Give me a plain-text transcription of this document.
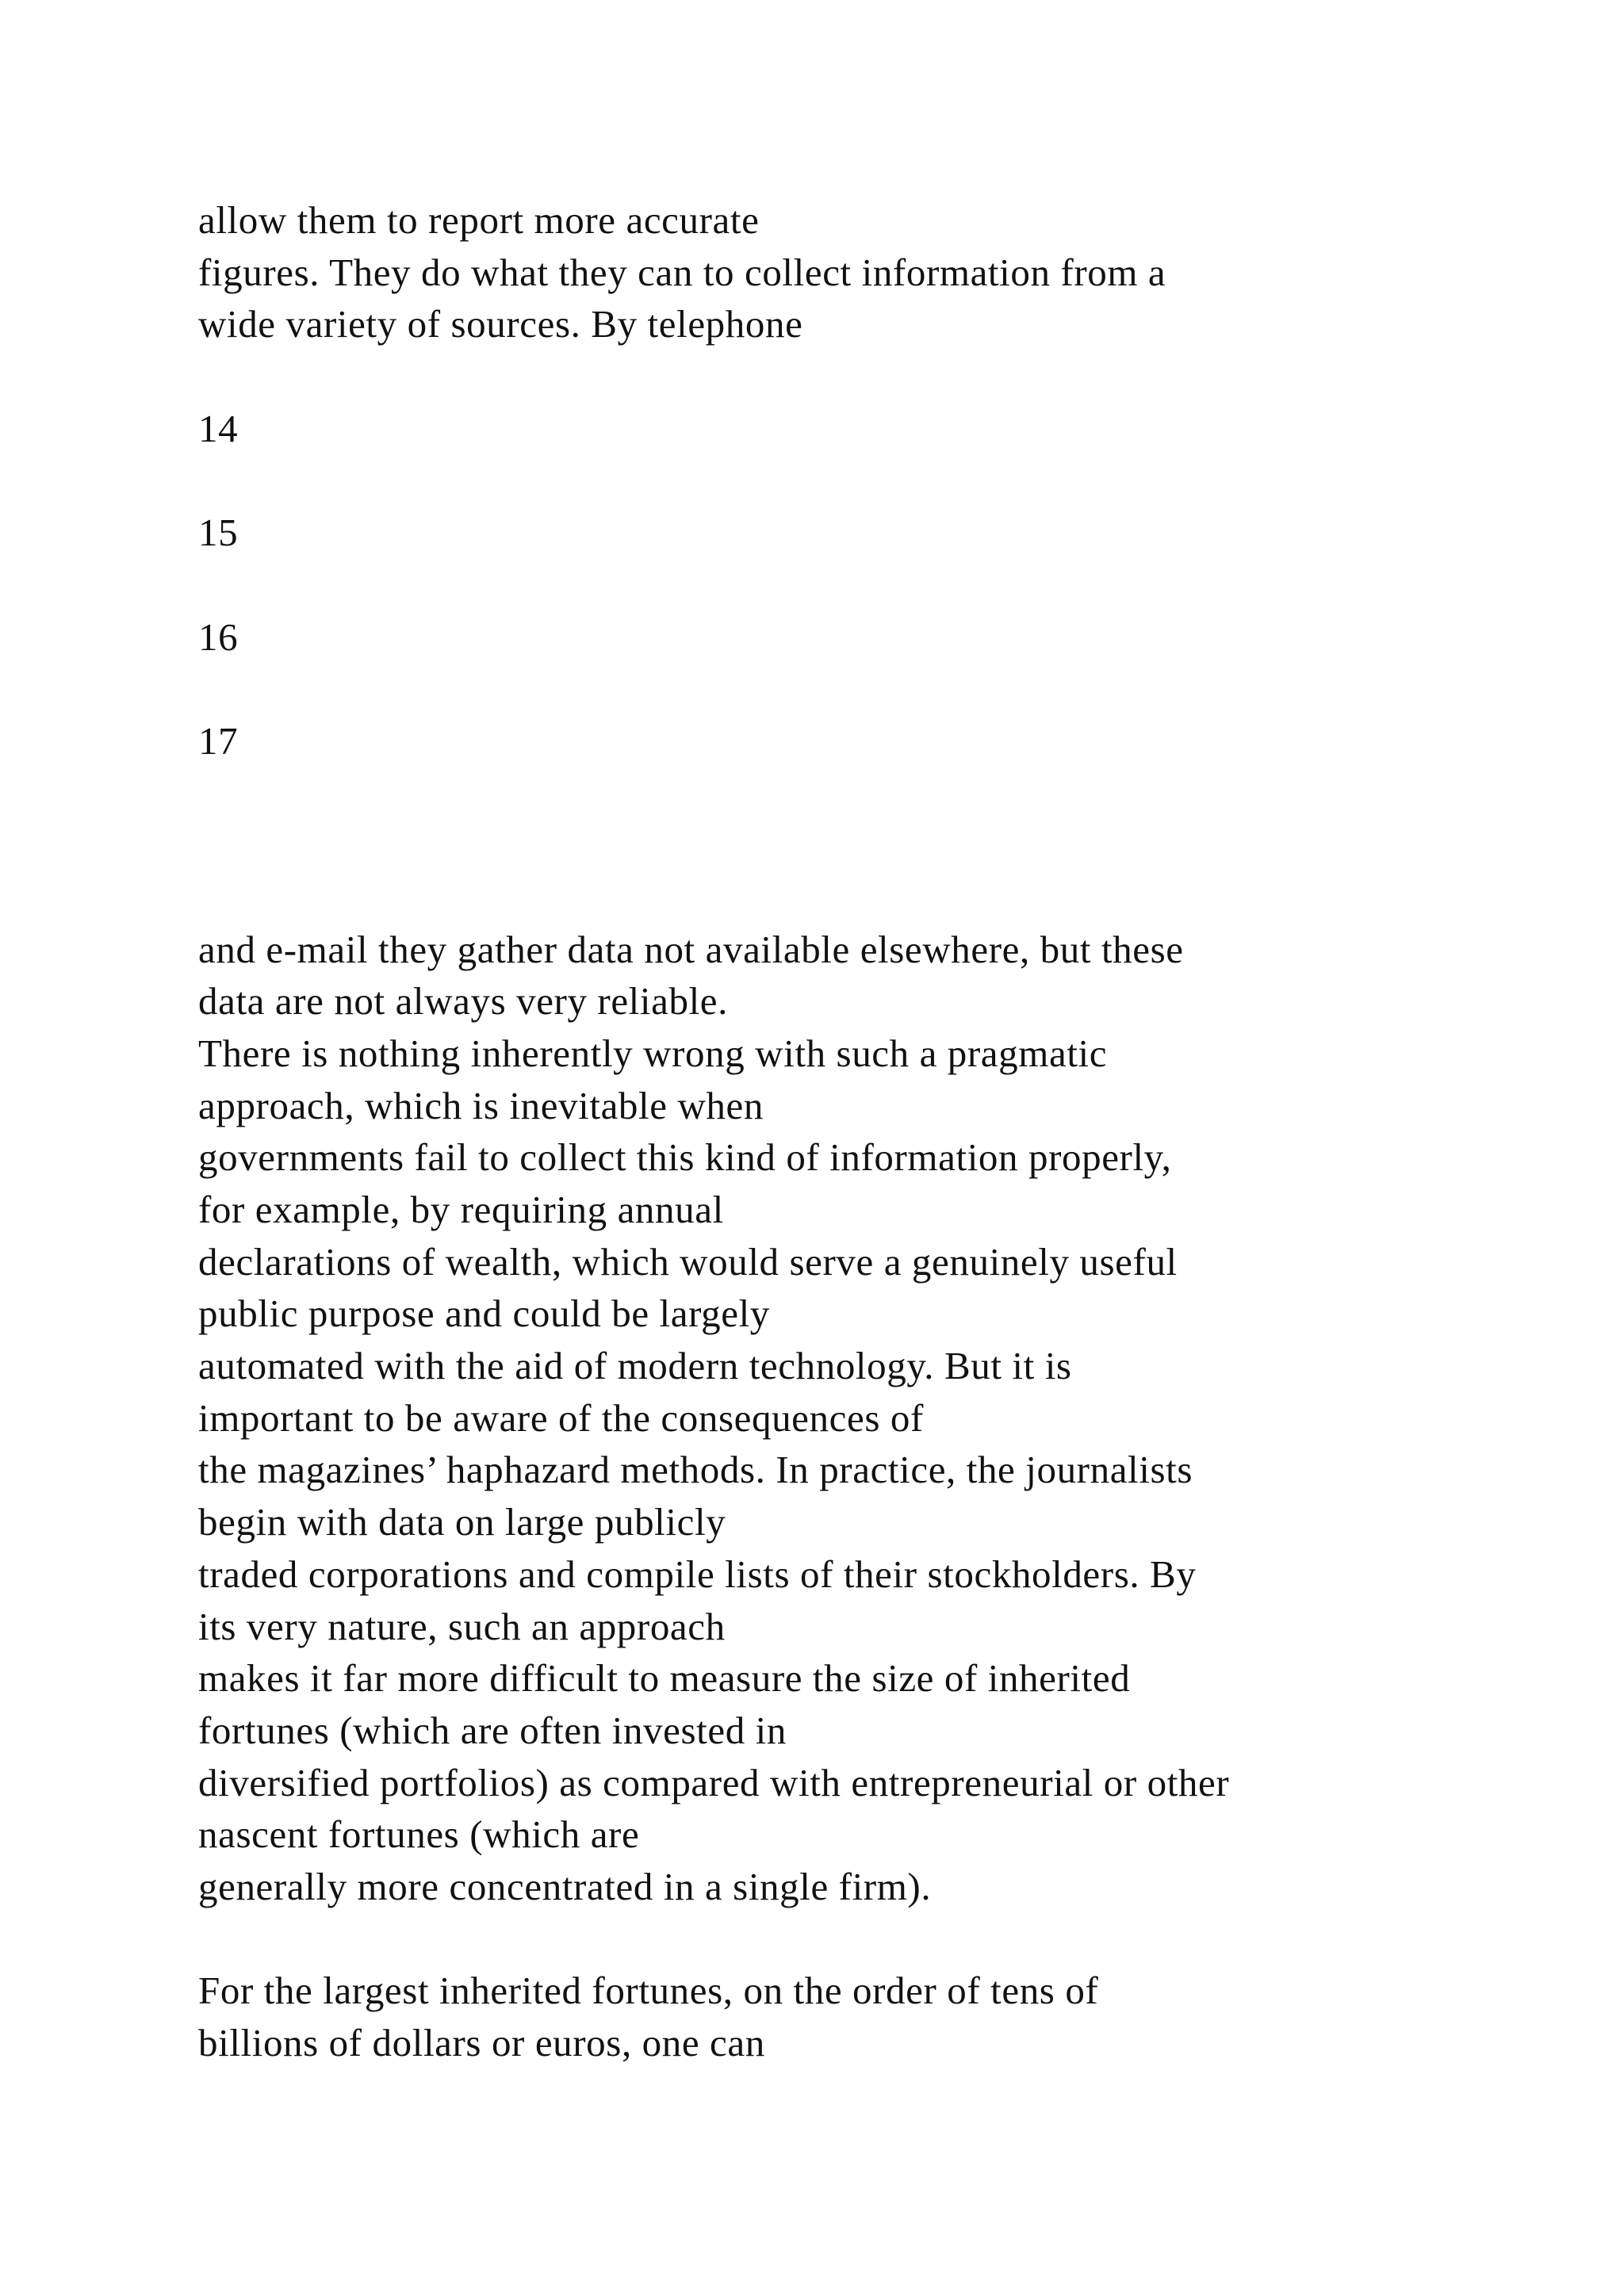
allow them to report more accurate
figures. They do what they can to collect information from a
wide variety of sources. By telephone
14
15
16
17
and e-mail they gather data not available elsewhere, but these
data are not always very reliable.
There is nothing inherently wrong with such a pragmatic
approach, which is inevitable when
governments fail to collect this kind of information properly,
for example, by requiring annual
declarations of wealth, which would serve a genuinely useful
public purpose and could be largely
automated with the aid of modern technology. But it is
important to be aware of the consequences of
the magazines’ haphazard methods. In practice, the journalists
begin with data on large publicly
traded corporations and compile lists of their stockholders. By
its very nature, such an approach
makes it far more difficult to measure the size of inherited
fortunes (which are often invested in
diversified portfolios) as compared with entrepreneurial or other
nascent fortunes (which are
generally more concentrated in a single firm).
For the largest inherited fortunes, on the order of tens of
billions of dollars or euros, one can
